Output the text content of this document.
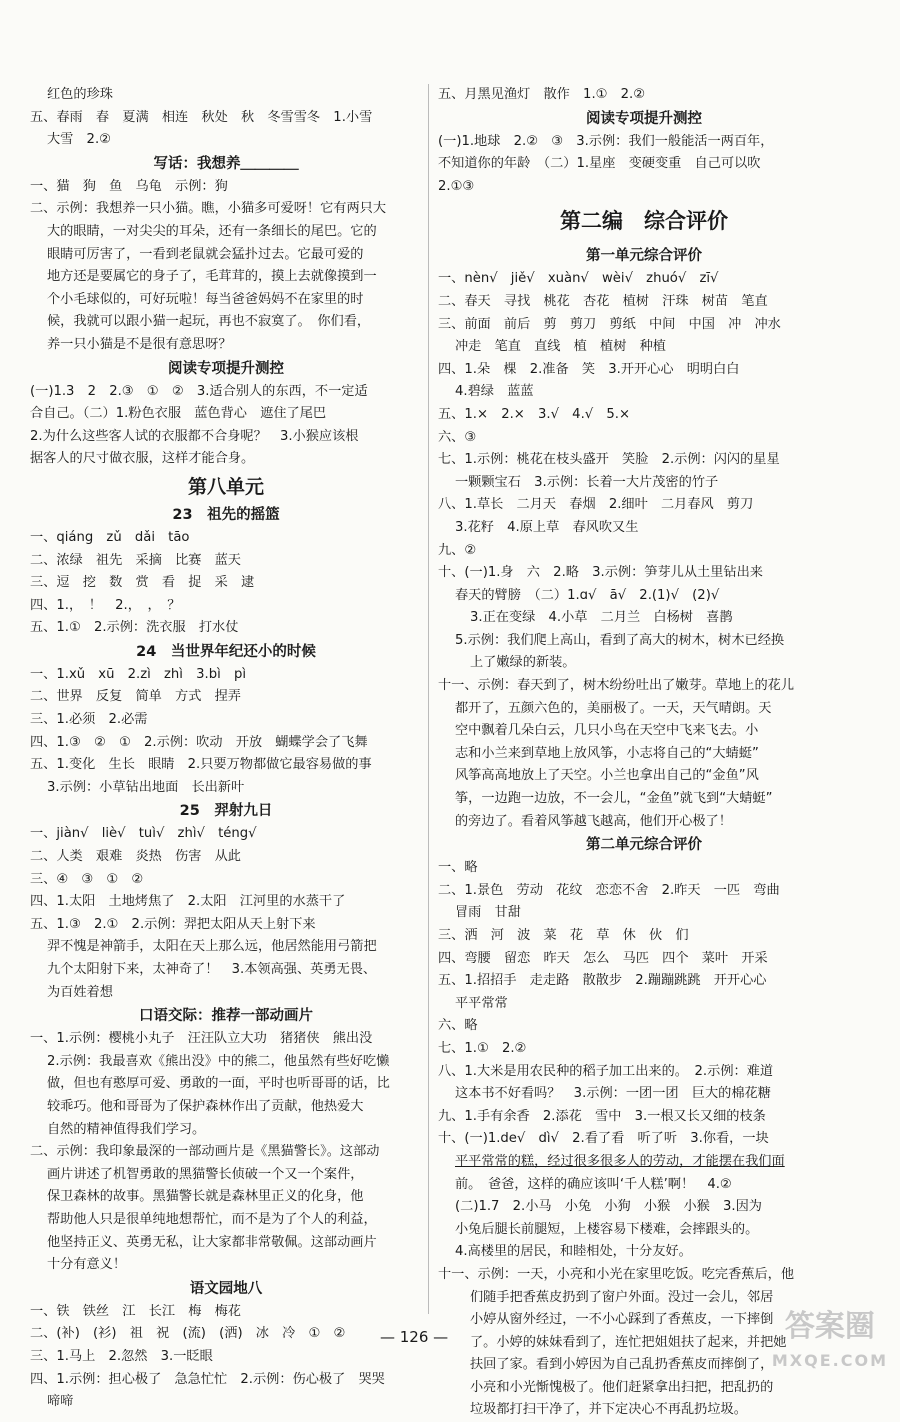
红色的珍珠
五、春雨　春　夏满　相连　秋处　秋　冬雪雪冬　1.小雪
大雪　2.②
写话：我想养＿＿＿＿
一、猫　狗　鱼　乌龟　示例：狗
二、示例：我想养一只小猫。瞧，小猫多可爱呀！它有两只大
大的眼睛，一对尖尖的耳朵，还有一条细长的尾巴。它的
眼睛可厉害了，一看到老鼠就会猛扑过去。它最可爱的
地方还是要属它的身子了，毛茸茸的，摸上去就像摸到一
个小毛球似的，可好玩啦！每当爸爸妈妈不在家里的时
候，我就可以跟小猫一起玩，再也不寂寞了。　你们看，
养一只小猫是不是很有意思呀？
阅读专项提升测控
(一)1.3　2　2.③　①　②　3.适合别人的东西，不一定适
合自己。（二）1.粉色衣服　蓝色背心　遮住了尾巴
2.为什么这些客人试的衣服都不合身呢？　3.小猴应该根
据客人的尺寸做衣服，这样才能合身。
第八单元
23　祖先的摇篮
一、qiáng　zǔ　dǎi　tāo
二、浓绿　祖先　采摘　比赛　蓝天
三、逗　挖　数　赏　看　捉　采　逮
四、1.，　！　2.，　，　？
五、1.①　2.示例：洗衣服　打水仗
24　当世界年纪还小的时候
一、1.xǔ　xū　2.zì　zhì　3.bì　pì
二、世界　反复　简单　方式　捏弄
三、1.必须　2.必需
四、1.③　②　①　2.示例：吹动　开放　蝴蝶学会了飞舞
五、1.变化　生长　眼睛　2.只要万物都做它最容易做的事
3.示例：小草钻出地面　长出新叶
25　羿射九日
一、jiàn√　liè√　tuì√　zhì√　téng√
二、人类　艰难　炎热　伤害　从此
三、④　③　①　②
四、1.太阳　土地烤焦了　2.太阳　江河里的水蒸干了
五、1.③　2.①　2.示例：羿把太阳从天上射下来
羿不愧是神箭手，太阳在天上那么远，他居然能用弓箭把
九个太阳射下来，太神奇了！　3.本领高强、英勇无畏、
为百姓着想
口语交际：推荐一部动画片
一、1.示例：樱桃小丸子　汪汪队立大功　猪猪侠　熊出没
2.示例：我最喜欢《熊出没》中的熊二，他虽然有些好吃懒
做，但也有憨厚可爱、勇敢的一面，平时也听哥哥的话，比
较乖巧。他和哥哥为了保护森林作出了贡献，他热爱大
自然的精神值得我们学习。
二、示例：我印象最深的一部动画片是《黑猫警长》。这部动
画片讲述了机智勇敢的黑猫警长侦破一个又一个案件，
保卫森林的故事。黑猫警长就是森林里正义的化身，他
帮助他人只是很单纯地想帮忙，而不是为了个人的利益，
他坚持正义、英勇无私，让大家都非常敬佩。这部动画片
十分有意义！
语文园地八
一、铁　铁丝　江　长江　梅　梅花
二、(补)　(衫)　祖　祝　(流)　(洒)　冰　冷　①　②
三、1.马上　2.忽然　3.一眨眼
四、1.示例：担心极了　急急忙忙　2.示例：伤心极了　哭哭
啼啼
五、月黑见渔灯　散作　1.①　2.②
阅读专项提升测控
(一)1.地球　2.②　③　3.示例：我们一般能活一两百年，
不知道你的年龄　（二）1.星座　变硬变重　自己可以吹
2.①③
第二编　综合评价
第一单元综合评价
一、nèn√　jiě√　xuàn√　wèi√　zhuó√　zī√
二、春天　寻找　桃花　杏花　植树　汗珠　树苗　笔直
三、前面　前后　剪　剪刀　剪纸　中间　中国　冲　冲水
冲走　笔直　直线　植　植树　种植
四、1.朵　棵　2.准备　笑　3.开开心心　明明白白
4.碧绿　蓝蓝
五、1.×　2.×　3.√　4.√　5.×
六、③
七、1.示例：桃花在枝头盛开　笑脸　2.示例：闪闪的星星
一颗颗宝石　3.示例：长着一大片茂密的竹子
八、1.草长　二月天　春烟　2.细叶　二月春风　剪刀
3.花籽　4.原上草　春风吹又生
九、②
十、(一)1.身　六　2.略　3.示例：笋芽儿从土里钻出来
春天的臂膀　（二）1.ɑ√　ā√　2.(1)√　(2)√
3.正在变绿　4.小草　二月兰　白杨树　喜鹊
5.示例：我们爬上高山，看到了高大的树木，树木已经换
上了嫩绿的新装。
十一、示例：春天到了，树木纷纷吐出了嫩芽。草地上的花儿
都开了，五颜六色的，美丽极了。一天，天气晴朗。天
空中飘着几朵白云，几只小鸟在天空中飞来飞去。小
志和小兰来到草地上放风筝，小志将自己的“大蜻蜓”
风筝高高地放上了天空。小兰也拿出自己的“金鱼”风
筝，一边跑一边放，不一会儿，“金鱼”就飞到“大蜻蜓”
的旁边了。看着风筝越飞越高，他们开心极了！
第二单元综合评价
一、略
二、1.景色　劳动　花纹　恋恋不舍　2.昨天　一匹　弯曲
冒雨　甘甜
三、洒　河　波　菜　花　草　休　伙　们
四、弯腰　留恋　昨天　怎么　马匹　四个　菜叶　开采
五、1.招招手　走走路　散散步　2.蹦蹦跳跳　开开心心
平平常常
六、略
七、1.①　2.②
八、1.大米是用农民种的稻子加工出来的。　2.示例：难道
这本书不好看吗？　3.示例：一团一团　巨大的棉花糖
九、1.手有余香　2.添花　雪中　3.一根又长又细的枝条
十、(一)1.de√　dì√　2.看了看　听了听　3.你看，一块
平平常常的糕，经过很多很多人的劳动，才能摆在我们面
前。　爸爸，这样的确应该叫‘千人糕’啊！　4.②
(二)1.7　2.小马　小兔　小狗　小猴　小猴　3.因为
小兔后腿长前腿短，上楼容易下楼难，会摔跟头的。
4.高楼里的居民，和睦相处，十分友好。
十一、示例：一天，小亮和小光在家里吃饭。吃完香蕉后，他
们随手把香蕉皮扔到了窗户外面。没过一会儿，邻居
小婷从窗外经过，一不小心踩到了香蕉皮，一下摔倒
了。小婷的妹妹看到了，连忙把姐姐扶了起来，并把她
扶回了家。看到小婷因为自己乱扔香蕉皮而摔倒了，
小亮和小光惭愧极了。他们赶紧拿出扫把，把乱扔的
垃圾都打扫干净了，并下定决心不再乱扔垃圾。
— 126 —	答案圈
MXQE.COM
